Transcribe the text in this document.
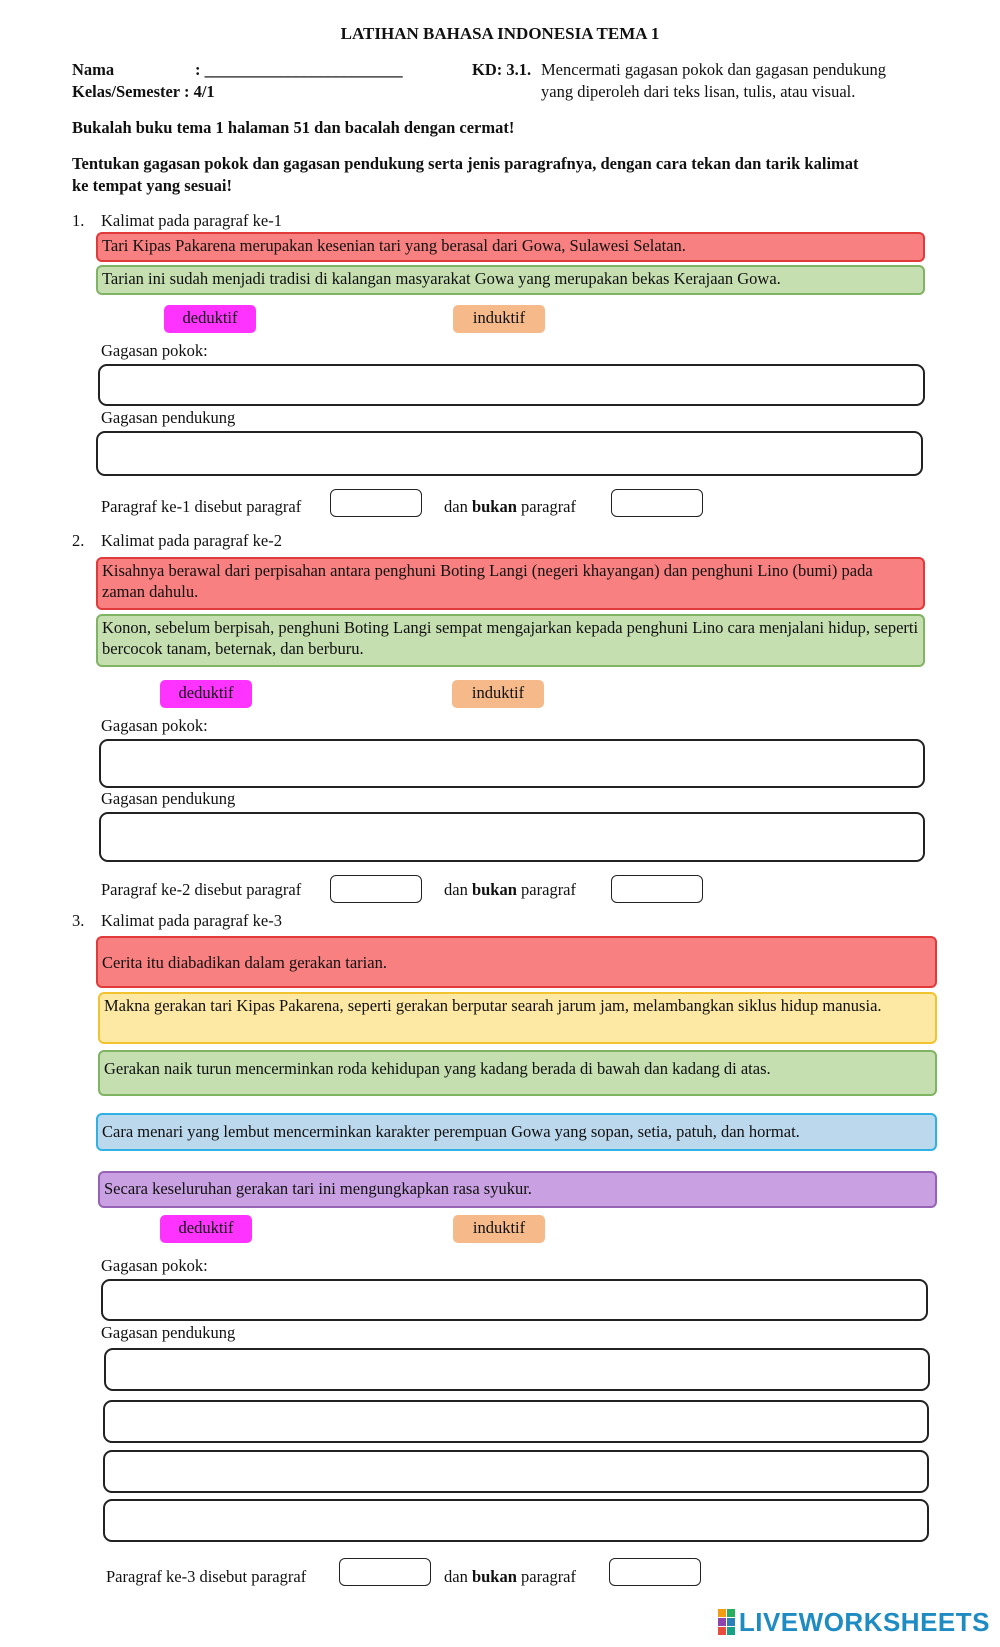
LATIHAN BAHASA INDONESIA TEMA 1
Nama	: ________________________
Kelas/Semester : 4/1
KD: 3.1. Mencermati gagasan pokok dan gagasan pendukung
yang diperoleh dari teks lisan, tulis, atau visual.
Bukalah buku tema 1 halaman 51 dan bacalah dengan cermat!
Tentukan gagasan pokok dan gagasan pendukung serta jenis paragrafnya, dengan cara tekan dan tarik kalimat
ke tempat yang sesuai!
1. Kalimat pada paragraf ke-1
Tari Kipas Pakarena merupakan kesenian tari yang berasal dari Gowa, Sulawesi Selatan.
Tarian ini sudah menjadi tradisi di kalangan masyarakat Gowa yang merupakan bekas Kerajaan Gowa.
deduktif	induktif
Gagasan pokok:
Gagasan pendukung
Paragraf ke-1 disebut paragraf	dan bukan paragraf
2. Kalimat pada paragraf ke-2
Kisahnya berawal dari perpisahan antara penghuni Boting Langi (negeri khayangan) dan penghuni Lino (bumi) pada zaman dahulu.
Konon, sebelum berpisah, penghuni Boting Langi sempat mengajarkan kepada penghuni Lino cara menjalani hidup, seperti bercocok tanam, beternak, dan berburu.
deduktif	induktif
Gagasan pokok:
Gagasan pendukung
Paragraf ke-2 disebut paragraf	dan bukan paragraf
3. Kalimat pada paragraf ke-3
Cerita itu diabadikan dalam gerakan tarian.
Makna gerakan tari Kipas Pakarena, seperti gerakan berputar searah jarum jam, melambangkan siklus hidup manusia.
Gerakan naik turun mencerminkan roda kehidupan yang kadang berada di bawah dan kadang di atas.
Cara menari yang lembut mencerminkan karakter perempuan Gowa yang sopan, setia, patuh, dan hormat.
Secara keseluruhan gerakan tari ini mengungkapkan rasa syukur.
deduktif	induktif
Gagasan pokok:
Gagasan pendukung
Paragraf ke-3 disebut paragraf	dan bukan paragraf
LIVEWORKSHEETS
